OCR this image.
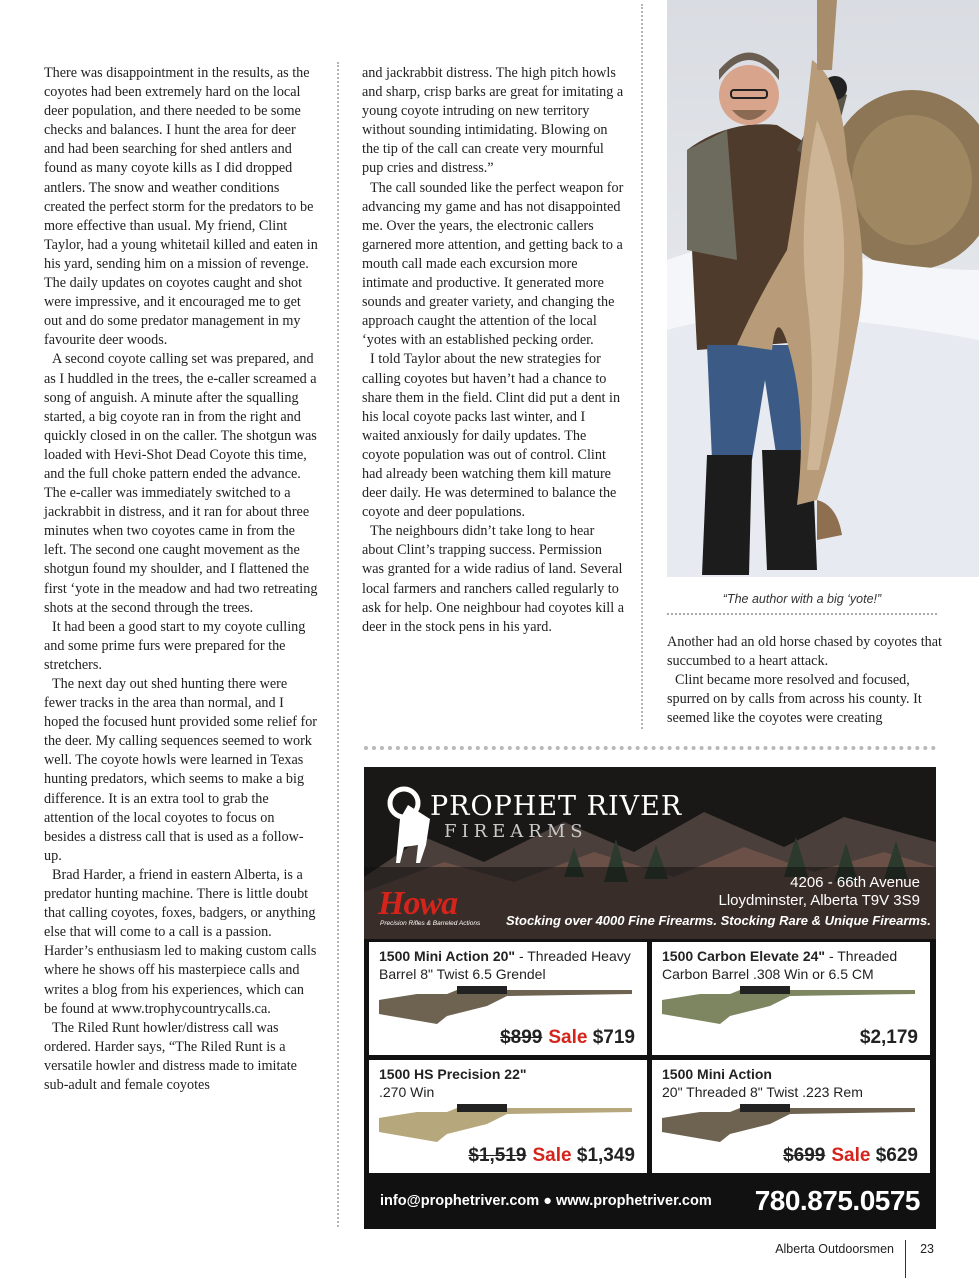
There was disappointment in the results, as the coyotes had been extremely hard on the local deer population, and there needed to be some checks and balances. I hunt the area for deer and had been searching for shed antlers and found as many coyote kills as I did dropped antlers. The snow and weather conditions created the perfect storm for the predators to be more effective than usual. My friend, Clint Taylor, had a young whitetail killed and eaten in his yard, sending him on a mission of revenge. The daily updates on coyotes caught and shot were impressive, and it encouraged me to get out and do some predator management in my favourite deer woods.

A second coyote calling set was prepared, and as I huddled in the trees, the e-caller screamed a song of anguish. A minute after the squalling started, a big coyote ran in from the right and quickly closed in on the caller. The shotgun was loaded with Hevi-Shot Dead Coyote this time, and the full choke pattern ended the advance. The e-caller was immediately switched to a jackrabbit in distress, and it ran for about three minutes when two coyotes came in from the left. The second one caught movement as the shotgun found my shoulder, and I flattened the first ‘yote in the meadow and had two retreating shots at the second through the trees.

It had been a good start to my coyote culling and some prime furs were prepared for the stretchers.

The next day out shed hunting there were fewer tracks in the area than normal, and I hoped the focused hunt provided some relief for the deer. My calling sequences seemed to work well. The coyote howls were learned in Texas hunting predators, which seems to make a big difference. It is an extra tool to grab the attention of the local coyotes to focus on besides a distress call that is used as a follow-up.

Brad Harder, a friend in eastern Alberta, is a predator hunting machine. There is little doubt that calling coyotes, foxes, badgers, or anything else that will come to a call is a passion. Harder’s enthusiasm led to making custom calls where he shows off his masterpiece calls and writes a blog from his experiences, which can be found at www.trophycountrycalls.ca.

The Riled Runt howler/distress call was ordered. Harder says, “The Riled Runt is a versatile howler and distress made to imitate sub-adult and female coyotes

and jackrabbit distress. The high pitch howls and sharp, crisp barks are great for imitating a young coyote intruding on new territory without sounding intimidating. Blowing on the tip of the call can create very mournful pup cries and distress.”

The call sounded like the perfect weapon for advancing my game and has not disappointed me. Over the years, the electronic callers garnered more attention, and getting back to a mouth call made each excursion more intimate and productive. It generated more sounds and greater variety, and changing the approach caught the attention of the local ‘yotes with an established pecking order.

I told Taylor about the new strategies for calling coyotes but haven’t had a chance to share them in the field. Clint did put a dent in his local coyote packs last winter, and I waited anxiously for daily updates. The coyote population was out of control. Clint had already been watching them kill mature deer daily. He was determined to balance the coyote and deer populations.

The neighbours didn’t take long to hear about Clint’s trapping success. Permission was granted for a wide radius of land. Several local farmers and ranchers called regularly to ask for help. One neighbour had coyotes kill a deer in the stock pens in his yard.

“The author with a big ‘yote!”

Another had an old horse chased by coyotes that succumbed to a heart attack.

Clint became more resolved and focused, spurred on by calls from across his county. It seemed like the coyotes were creating

PROPHET RIVER
FIREARMS
4206 - 66th Avenue
Lloydminster, Alberta T9V 3S9
Howa
Precision Rifles & Barreled Actions Stocking over 4000 Fine Firearms. Stocking Rare & Unique Firearms.
1500 Mini Action 20" - Threaded Heavy
Barrel 8" Twist 6.5 Grendel
$899 Sale $719
1500 Carbon Elevate 24" - Threaded
Carbon Barrel .308 Win or 6.5 CM
$2,179
1500 HS Precision 22"
.270 Win
$1,519 Sale $1,349
1500 Mini Action
20" Threaded 8" Twist .223 Rem
$699 Sale $629
info@prophetriver.com ● www.prophetriver.com 780.875.0575
Alberta Outdoorsmen 23
